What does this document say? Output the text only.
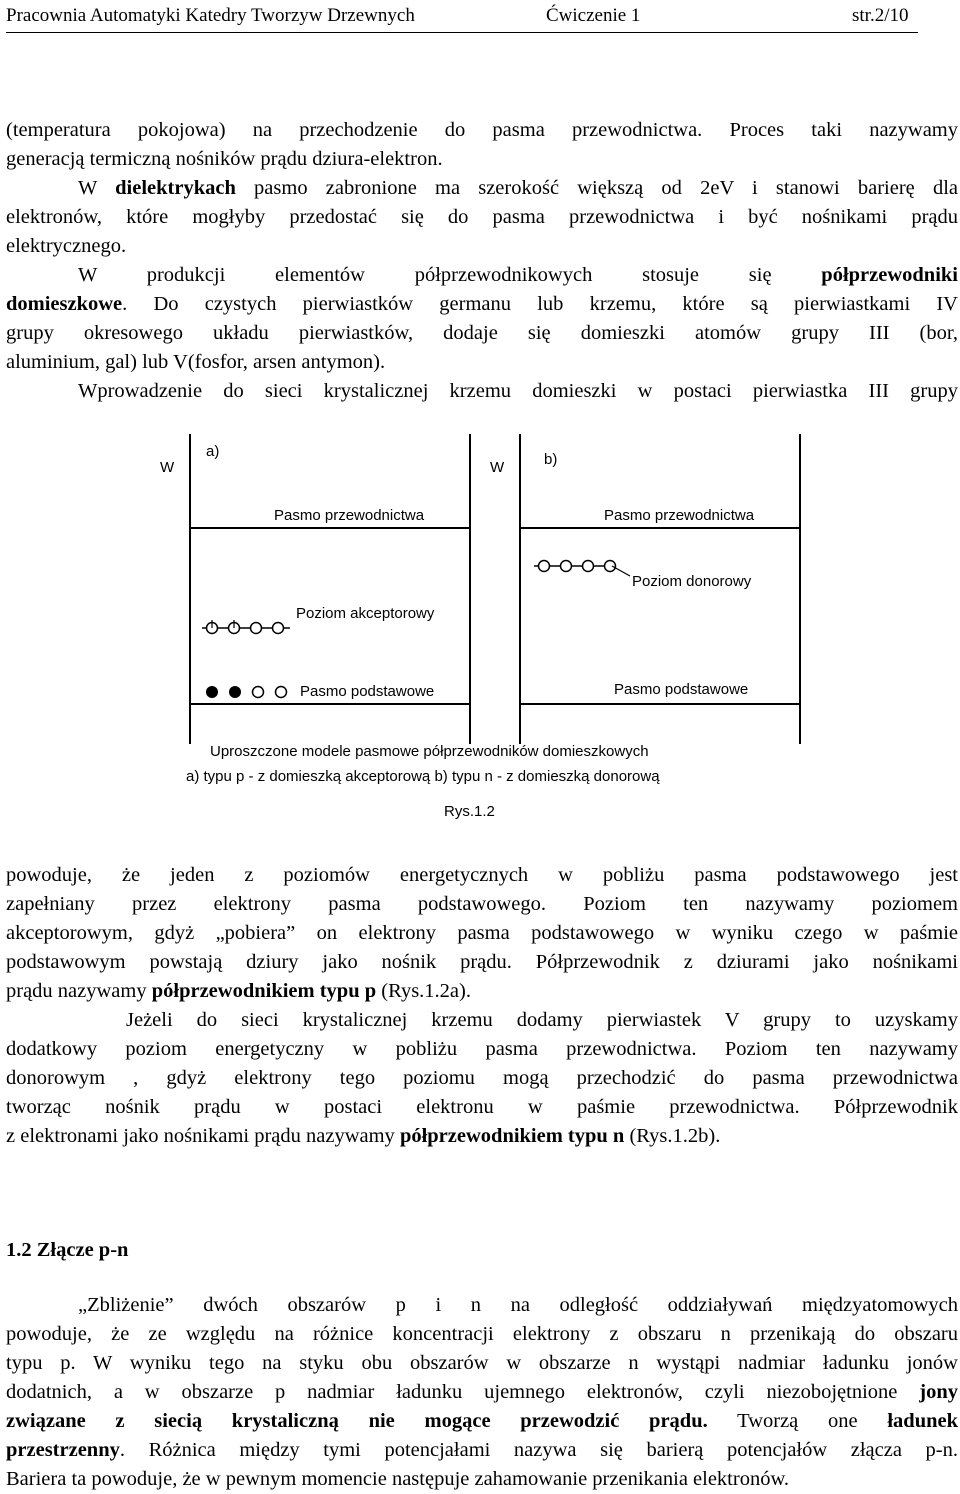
Pracownia Automatyki Katedry Tworzyw Drzewnych	Ćwiczenie 1	str.2/10
(temperatura pokojowa) na przechodzenie do pasma przewodnictwa. Proces taki nazywamy
generacją termiczną nośników prądu dziura-elektron.
W dielektrykach pasmo zabronione ma szerokość większą od 2eV i stanowi barierę dla
elektronów, które mogłyby przedostać się do pasma przewodnictwa i być nośnikami prądu
elektrycznego.
W produkcji elementów półprzewodnikowych stosuje się półprzewodniki
domieszkowe. Do czystych pierwiastków germanu lub krzemu, które są pierwiastkami IV
grupy okresowego układu pierwiastków, dodaje się domieszki atomów grupy III (bor,
aluminium, gal) lub V(fosfor, arsen antymon).
Wprowadzenie do sieci krystalicznej krzemu domieszki w postaci pierwiastka III grupy
W
a)
Pasmo przewodnictwa
Poziom akceptorowy
Pasmo podstawowe
W	b)
Pasmo przewodnictwa
Poziom donorowy
Pasmo podstawowe
Uproszczone modele pasmowe półprzewodników domieszkowych
a) typu p - z domieszką akceptorową b) typu n - z domieszką donorową
Rys.1.2
powoduje, że jeden z poziomów energetycznych w pobliżu pasma podstawowego jest
zapełniany przez elektrony pasma podstawowego. Poziom ten nazywamy poziomem
akceptorowym, gdyż „pobiera” on elektrony pasma podstawowego w wyniku czego w paśmie
podstawowym powstają dziury jako nośnik prądu. Półprzewodnik z dziurami jako nośnikami
prądu nazywamy półprzewodnikiem typu p (Rys.1.2a).
Jeżeli do sieci krystalicznej krzemu dodamy pierwiastek V grupy to uzyskamy
dodatkowy poziom energetyczny w pobliżu pasma przewodnictwa. Poziom ten nazywamy
donorowym , gdyż elektrony tego poziomu mogą przechodzić do pasma przewodnictwa
tworząc nośnik prądu w postaci elektronu w paśmie przewodnictwa. Półprzewodnik
z elektronami jako nośnikami prądu nazywamy półprzewodnikiem typu n (Rys.1.2b).
1.2 Złącze p-n
„Zbliżenie” dwóch obszarów p i n na odległość oddziaływań międzyatomowych
powoduje, że ze względu na różnice koncentracji elektrony z obszaru n przenikają do obszaru
typu p. W wyniku tego na styku obu obszarów w obszarze n wystąpi nadmiar ładunku jonów
dodatnich, a w obszarze p nadmiar ładunku ujemnego elektronów, czyli niezobojętnione jony
związane z siecią krystaliczną nie mogące przewodzić prądu. Tworzą one ładunek
przestrzenny. Różnica między tymi potencjałami nazywa się barierą potencjałów złącza p-n.
Bariera ta powoduje, że w pewnym momencie następuje zahamowanie przenikania elektronów.
